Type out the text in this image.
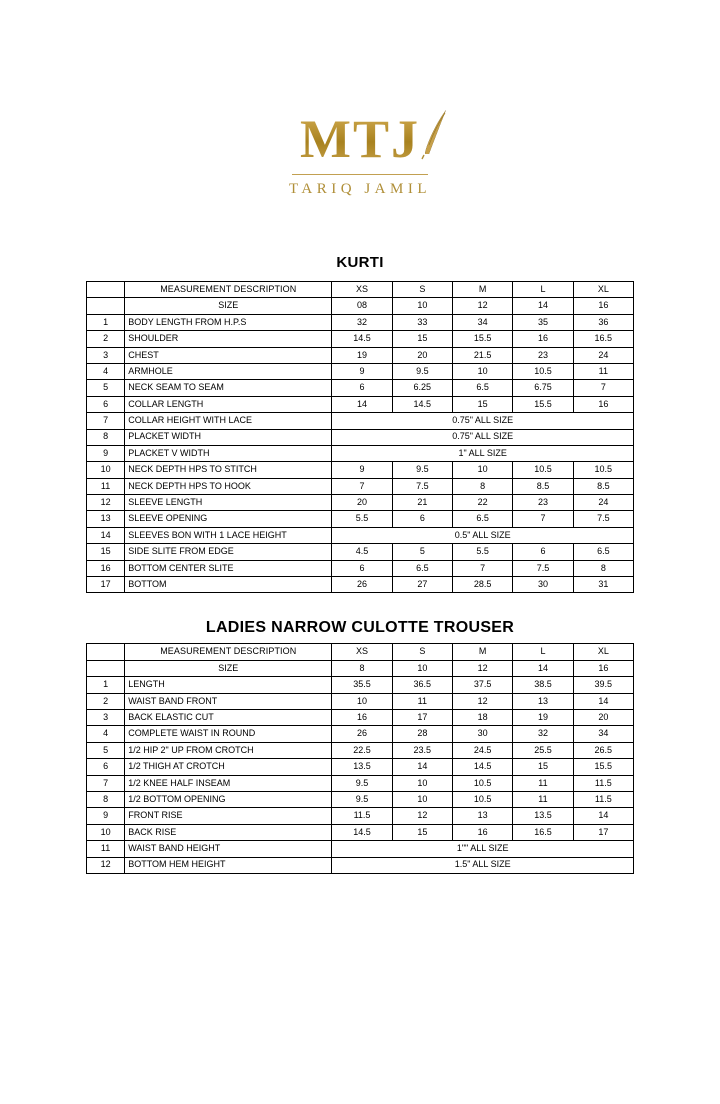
MTJ
TARIQ JAMIL
KURTI
	MEASUREMENT DESCRIPTION	XS	S	M	L	XL
	SIZE	08	10	12	14	16
1	BODY LENGTH FROM H.P.S	32	33	34	35	36
2	SHOULDER	14.5	15	15.5	16	16.5
3	CHEST	19	20	21.5	23	24
4	ARMHOLE	9	9.5	10	10.5	11
5	NECK SEAM TO SEAM	6	6.25	6.5	6.75	7
6	COLLAR LENGTH	14	14.5	15	15.5	16
7	COLLAR HEIGHT WITH LACE	0.75" ALL SIZE				
8	PLACKET WIDTH	0.75" ALL SIZE				
9	PLACKET V WIDTH	1" ALL SIZE				
10	NECK DEPTH HPS TO STITCH	9	9.5	10	10.5	10.5
11	NECK DEPTH HPS TO HOOK	7	7.5	8	8.5	8.5
12	SLEEVE LENGTH	20	21	22	23	24
13	SLEEVE OPENING	5.5	6	6.5	7	7.5
14	SLEEVES BON WITH 1 LACE HEIGHT	0.5" ALL SIZE				
15	SIDE SLITE FROM EDGE	4.5	5	5.5	6	6.5
16	BOTTOM CENTER SLITE	6	6.5	7	7.5	8
17	BOTTOM	26	27	28.5	30	31
LADIES NARROW CULOTTE TROUSER
	MEASUREMENT DESCRIPTION	XS	S	M	L	XL
	SIZE	8	10	12	14	16
1	LENGTH	35.5	36.5	37.5	38.5	39.5
2	WAIST BAND FRONT	10	11	12	13	14
3	BACK ELASTIC CUT	16	17	18	19	20
4	COMPLETE WAIST IN ROUND	26	28	30	32	34
5	1/2 HIP 2" UP FROM CROTCH	22.5	23.5	24.5	25.5	26.5
6	1/2 THIGH AT CROTCH	13.5	14	14.5	15	15.5
7	1/2 KNEE HALF INSEAM	9.5	10	10.5	11	11.5
8	1/2 BOTTOM OPENING	9.5	10	10.5	11	11.5
9	FRONT RISE	11.5	12	13	13.5	14
10	BACK RISE	14.5	15	16	16.5	17
11	WAIST BAND HEIGHT	1"" ALL SIZE				
12	BOTTOM HEM HEIGHT	1.5" ALL SIZE				
